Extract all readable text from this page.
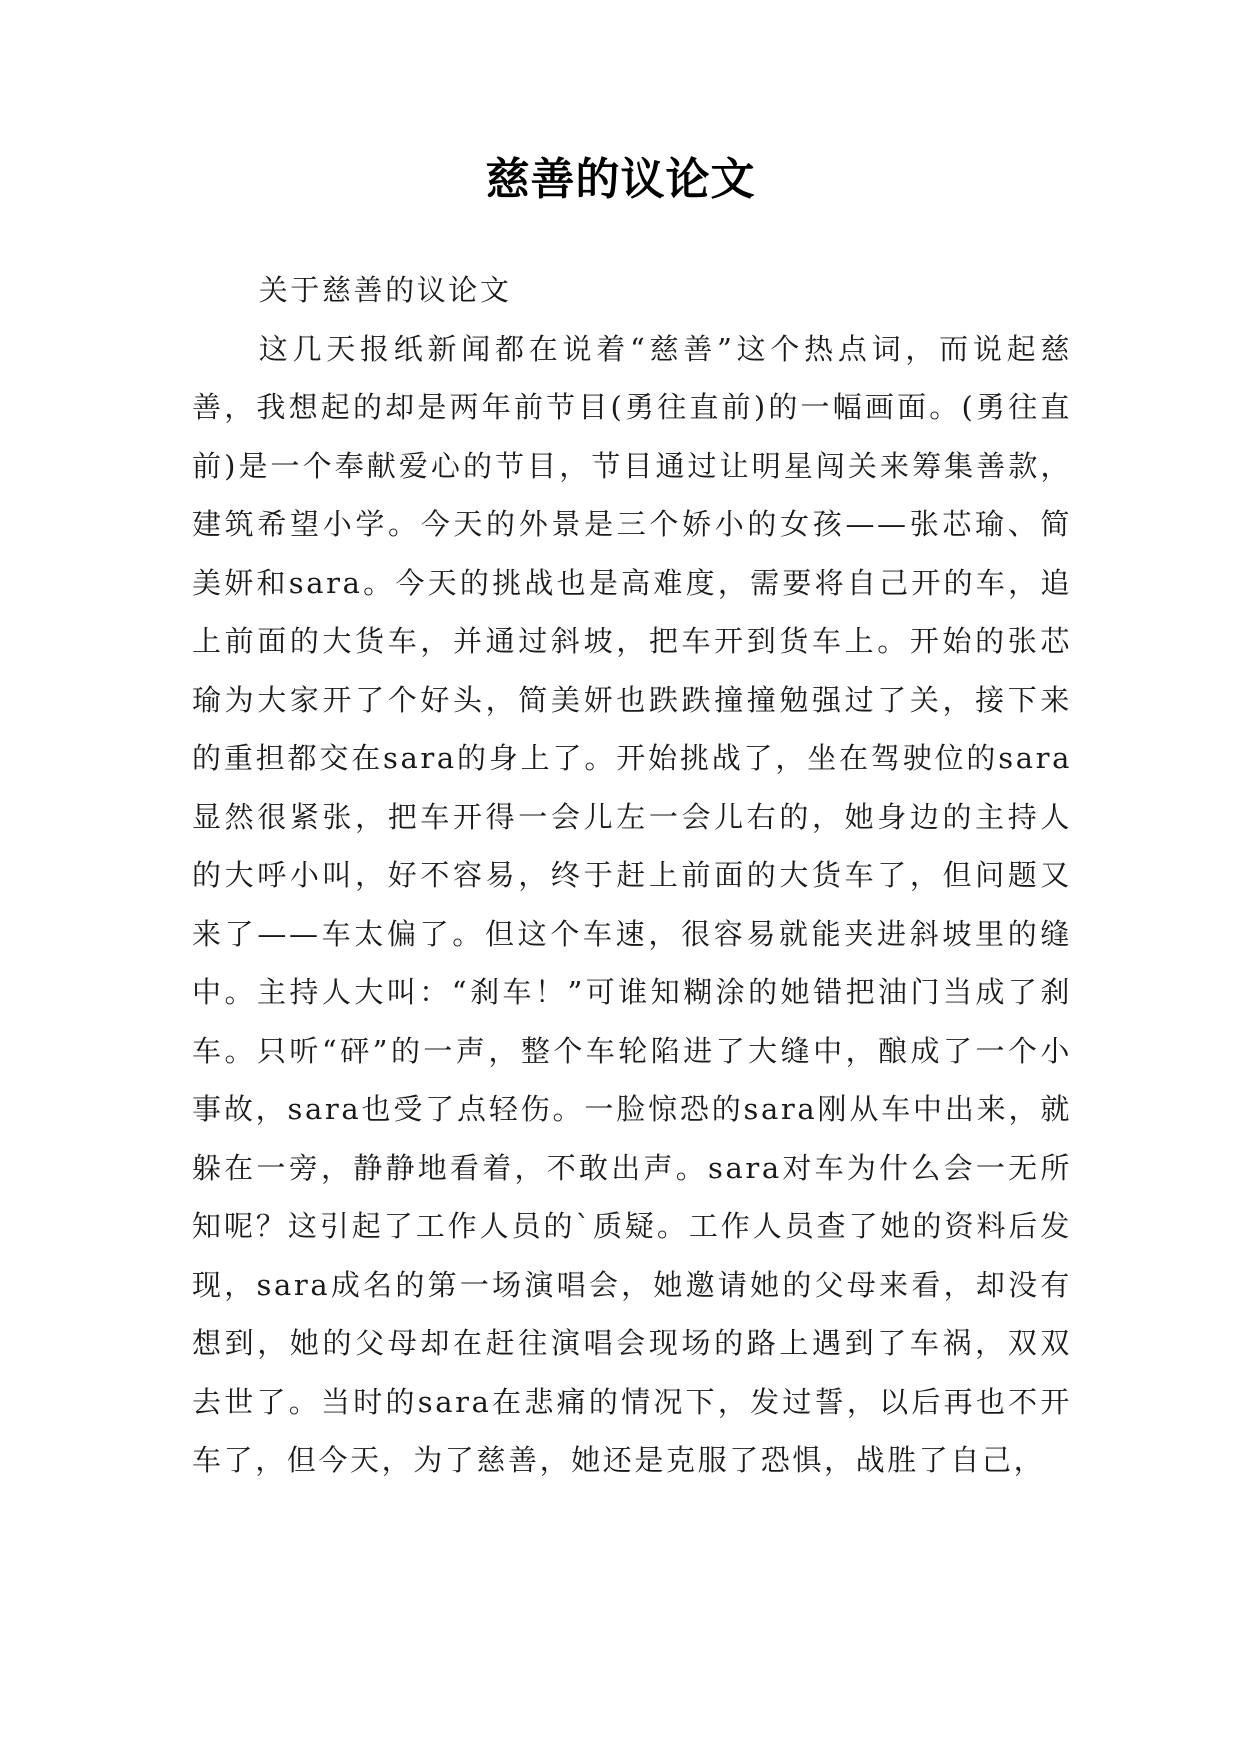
慈善的议论文

关于慈善的议论文

这几天报纸新闻都在说着“慈善”这个热点词，而说起慈善，我想起的却是两年前节目(勇往直前)的一幅画面。(勇往直前)是一个奉献爱心的节目，节目通过让明星闯关来筹集善款，建筑希望小学。今天的外景是三个娇小的女孩——张芯瑜、简美妍和sara。今天的挑战也是高难度，需要将自己开的车，追上前面的大货车，并通过斜坡，把车开到货车上。开始的张芯瑜为大家开了个好头，简美妍也跌跌撞撞勉强过了关，接下来的重担都交在sara的身上了。开始挑战了，坐在驾驶位的sara显然很紧张，把车开得一会儿左一会儿右的，她身边的主持人的大呼小叫，好不容易，终于赶上前面的大货车了，但问题又来了——车太偏了。但这个车速，很容易就能夹进斜坡里的缝中。主持人大叫：“刹车！”可谁知糊涂的她错把油门当成了刹车。只听“砰”的一声，整个车轮陷进了大缝中，酿成了一个小事故，sara也受了点轻伤。一脸惊恐的sara刚从车中出来，就躲在一旁，静静地看着，不敢出声。sara对车为什么会一无所知呢？这引起了工作人员的`质疑。工作人员查了她的资料后发现，sara成名的第一场演唱会，她邀请她的父母来看，却没有想到，她的父母却在赶往演唱会现场的路上遇到了车祸，双双去世了。当时的sara在悲痛的情况下，发过誓，以后再也不开车了，但今天，为了慈善，她还是克服了恐惧，战胜了自己，
